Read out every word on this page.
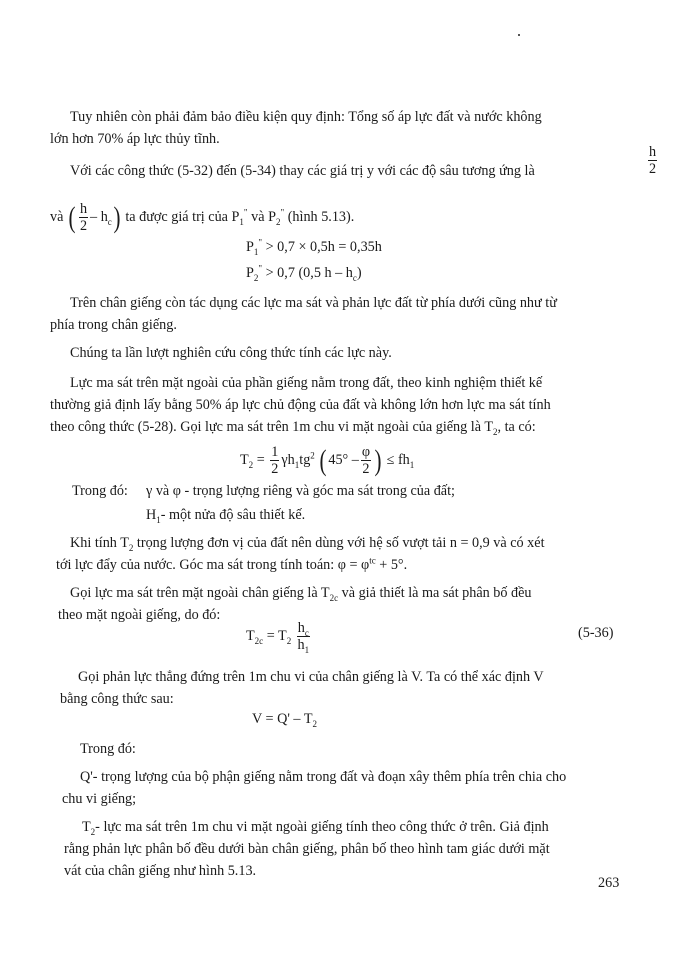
Tuy nhiên còn phải đảm bảo điều kiện quy định: Tổng số áp lực đất và nước không
lớn hơn 70% áp lực thủy tĩnh.
Với các công thức (5-32) đến (5-34) thay các giá trị y với các độ sâu tương ứng là	$\frac{h}{2}$
và ( $\frac{h}{2} - h_c$) ta được giá trị của $P_1^"$ và $P_2^"$ (hình 5.13).
$P_1^" > 0,7 \times 0,5h = 0,35h$
$P_2^" > 0,7$ (0,5 h – $h_c$)
Trên chân giếng còn tác dụng các lực ma sát và phản lực đất từ phía dưới cũng như từ
phía trong chân giếng.
Chúng ta lần lượt nghiên cứu công thức tính các lực này.
Lực ma sát trên mặt ngoài của phần giếng nằm trong đất, theo kinh nghiệm thiết kế
thường giả định lấy bằng 50% áp lực chủ động của đất và không lớn hơn lực ma sát tính
theo công thức (5-28). Gọi lực ma sát trên 1m chu vi mặt ngoài của giếng là $T_2$, ta có:
$T_2 = \frac{1}{2} \gamma h_1tg^2$ ( $45^\circ - \frac{\varphi}{2}$ ) ≤ $fh_1$
Trong đó: γ và φ - trọng lượng riêng và góc ma sát trong của đất;
$H_1-$ một nửa độ sâu thiết kế.
Khi tính $T_2$ trọng lượng đơn vị của đất nên dùng với hệ số vượt tải n = 0,9 và có xét
tới lực đẩy của nước. Góc ma sát trong tính toán: $\varphi = \varphi^{tc} + 5^\circ$.
Gọi lực ma sát trên mặt ngoài chân giếng là $T_{2c}$ và giả thiết là ma sát phân bố đều
theo mặt ngoài giếng, do đó:
$T_{2c} = T_2 \frac{h_c}{h_1}$	(5-36)
Gọi phản lực thẳng đứng trên 1m chu vi của chân giếng là V. Ta có thể xác định V
bằng công thức sau:
$V = Q' - T_2$
Trong đó:
Q'- trọng lượng của bộ phận giếng nằm trong đất và đoạn xây thêm phía trên chia cho
chu vi giếng;
$T_2-$ lực ma sát trên 1m chu vi mặt ngoài giếng tính theo công thức ở trên. Giả định
rằng phản lực phân bố đều dưới bàn chân giếng, phân bố theo hình tam giác dưới mặt
vát của chân giếng như hình 5.13.
263
